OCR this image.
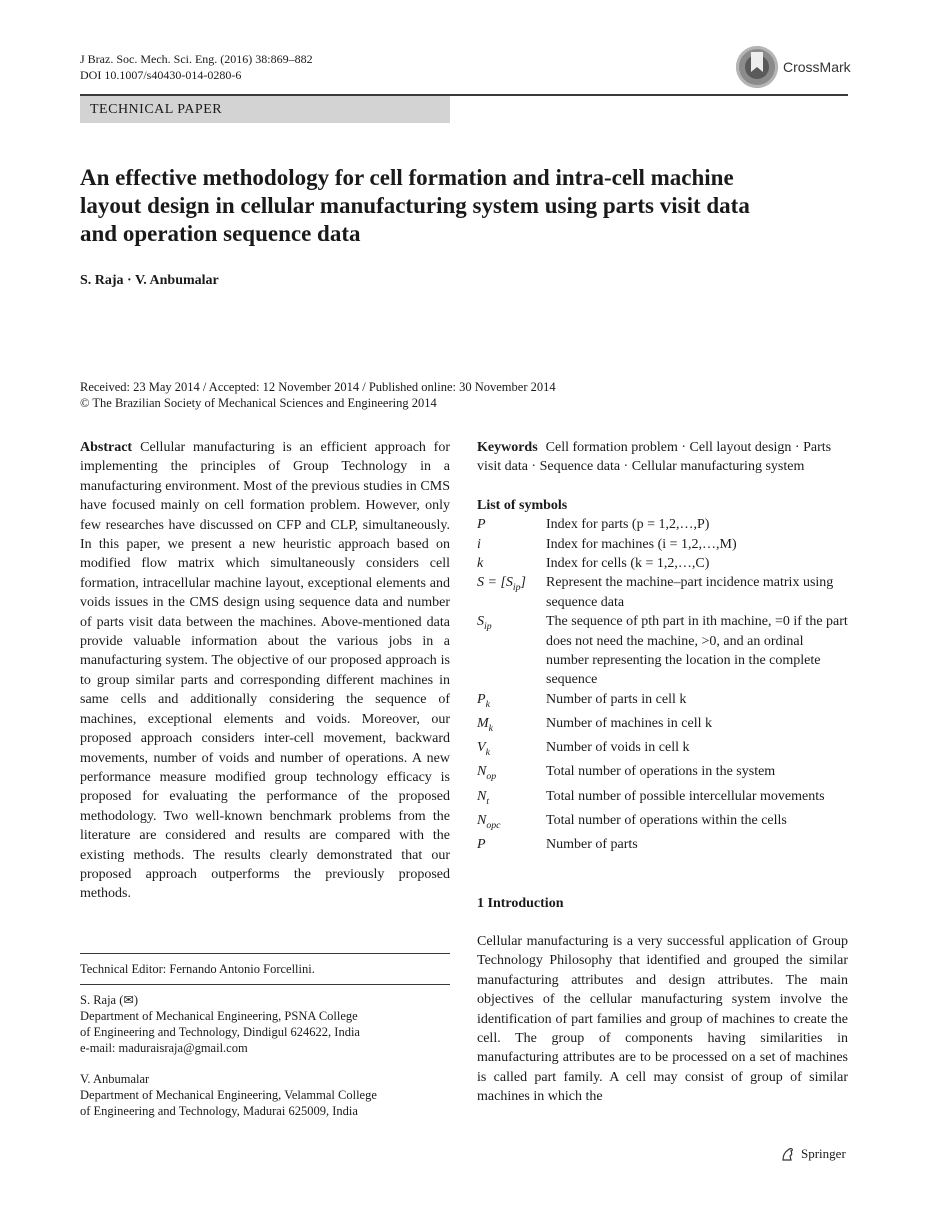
J Braz. Soc. Mech. Sci. Eng. (2016) 38:869–882
DOI 10.1007/s40430-014-0280-6	CrossMark
TECHNICAL PAPER
An effective methodology for cell formation and intra-cell machine layout design in cellular manufacturing system using parts visit data and operation sequence data
S. Raja · V. Anbumalar
Received: 23 May 2014 / Accepted: 12 November 2014 / Published online: 30 November 2014
© The Brazilian Society of Mechanical Sciences and Engineering 2014
Abstract Cellular manufacturing is an efficient approach for implementing the principles of Group Technology in a manufacturing environment. Most of the previous studies in CMS have focused mainly on cell formation problem. However, only few researches have discussed on CFP and CLP, simultaneously. In this paper, we present a new heuristic approach based on modified flow matrix which simultaneously considers cell formation, intracellular machine layout, exceptional elements and voids issues in the CMS design using sequence data and number of parts visit data between the machines. Above-mentioned data provide valuable information about the various jobs in a manufacturing system. The objective of our proposed approach is to group similar parts and corresponding different machines in same cells and additionally considering the sequence of machines, exceptional elements and voids. Moreover, our proposed approach considers inter-cell movement, backward movements, number of voids and number of operations. A new performance measure modified group technology efficacy is proposed for evaluating the performance of the proposed methodology. Two well-known benchmark problems from the literature are considered and results are compared with the existing methods. The results clearly demonstrated that our proposed approach outperforms the previously proposed methods.
Technical Editor: Fernando Antonio Forcellini.
S. Raja (✉)
Department of Mechanical Engineering, PSNA College
of Engineering and Technology, Dindigul 624622, India
e-mail: maduraisraja@gmail.com
V. Anbumalar
Department of Mechanical Engineering, Velammal College
of Engineering and Technology, Madurai 625009, India
Keywords Cell formation problem · Cell layout design · Parts visit data · Sequence data · Cellular manufacturing system
List of symbols
P	Index for parts (p = 1,2,…,P)
i	Index for machines (i = 1,2,…,M)
k	Index for cells (k = 1,2,…,C)
$S = [S_{ip}]$	Represent the machine–part incidence matrix using sequence data
$S_{ip}$	The sequence of pth part in ith machine, =0 if the part does not need the machine, >0, and an ordinal number representing the location in the complete sequence
$P_k$	Number of parts in cell k
$M_k$	Number of machines in cell k
$V_k$	Number of voids in cell k
$N_{op}$	Total number of operations in the system
$N_t$	Total number of possible intercellular movements
$N_{opc}$	Total number of operations within the cells
P	Number of parts
1 Introduction
Cellular manufacturing is a very successful application of Group Technology Philosophy that identified and grouped the similar manufacturing attributes and design attributes. The main objectives of the cellular manufacturing system involve the identification of part families and group of machines to create the cell. The group of components having similarities in manufacturing attributes are to be processed on a set of machines is called part family. A cell may consist of group of similar machines in which the
Springer
